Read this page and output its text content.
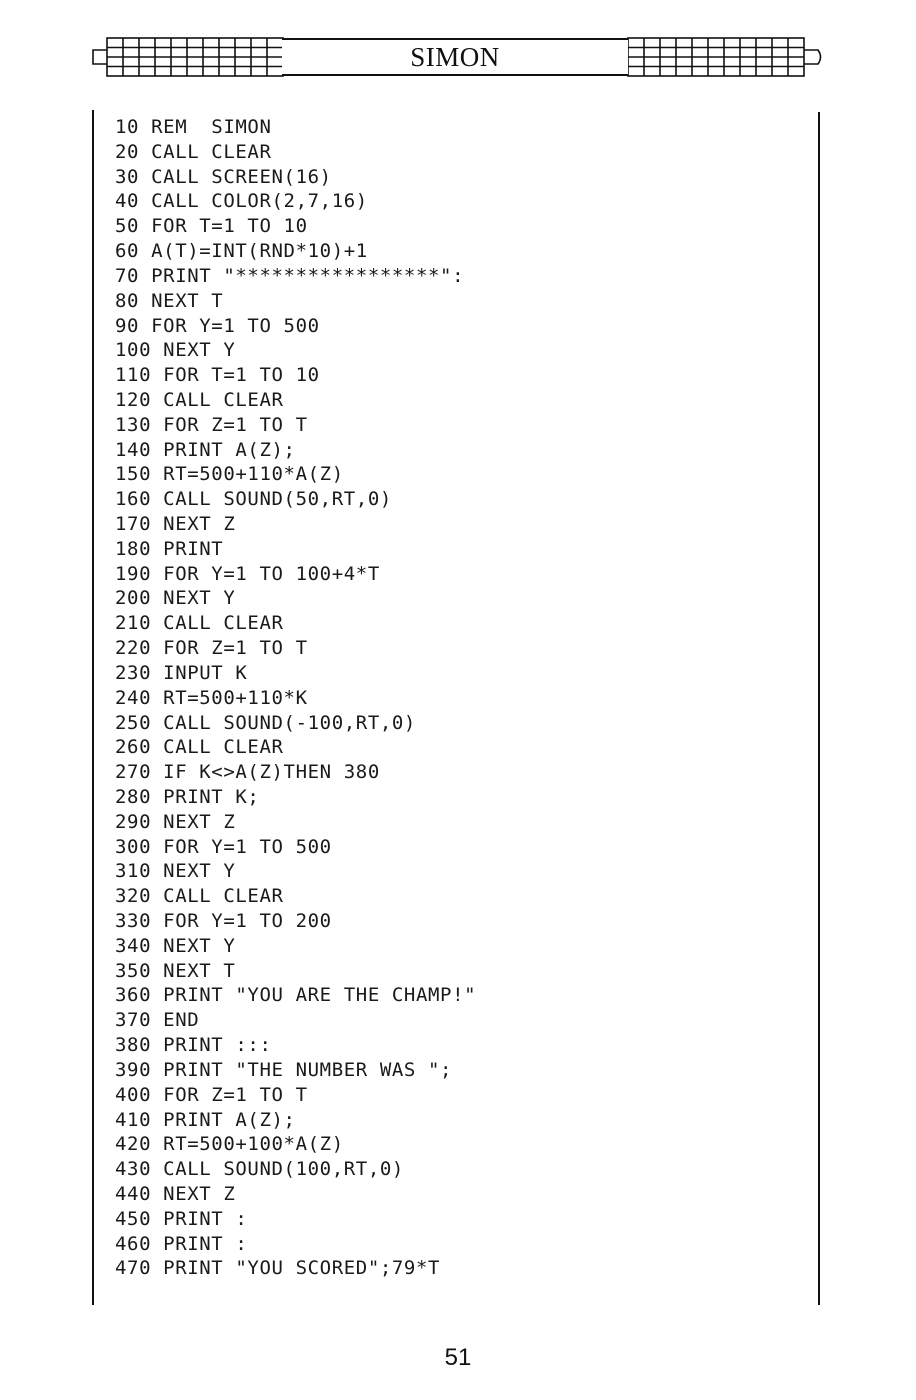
SIMON
10 REM  SIMON
20 CALL CLEAR
30 CALL SCREEN(16)
40 CALL COLOR(2,7,16)
50 FOR T=1 TO 10
60 A(T)=INT(RND*10)+1
70 PRINT "*****************":
80 NEXT T
90 FOR Y=1 TO 500
100 NEXT Y
110 FOR T=1 TO 10
120 CALL CLEAR
130 FOR Z=1 TO T
140 PRINT A(Z);
150 RT=500+110*A(Z)
160 CALL SOUND(50,RT,0)
170 NEXT Z
180 PRINT
190 FOR Y=1 TO 100+4*T
200 NEXT Y
210 CALL CLEAR
220 FOR Z=1 TO T
230 INPUT K
240 RT=500+110*K
250 CALL SOUND(-100,RT,0)
260 CALL CLEAR
270 IF K<>A(Z)THEN 380
280 PRINT K;
290 NEXT Z
300 FOR Y=1 TO 500
310 NEXT Y
320 CALL CLEAR
330 FOR Y=1 TO 200
340 NEXT Y
350 NEXT T
360 PRINT "YOU ARE THE CHAMP!"
370 END
380 PRINT :::
390 PRINT "THE NUMBER WAS ";
400 FOR Z=1 TO T
410 PRINT A(Z);
420 RT=500+100*A(Z)
430 CALL SOUND(100,RT,0)
440 NEXT Z
450 PRINT :
460 PRINT :
470 PRINT "YOU SCORED";79*T
51
